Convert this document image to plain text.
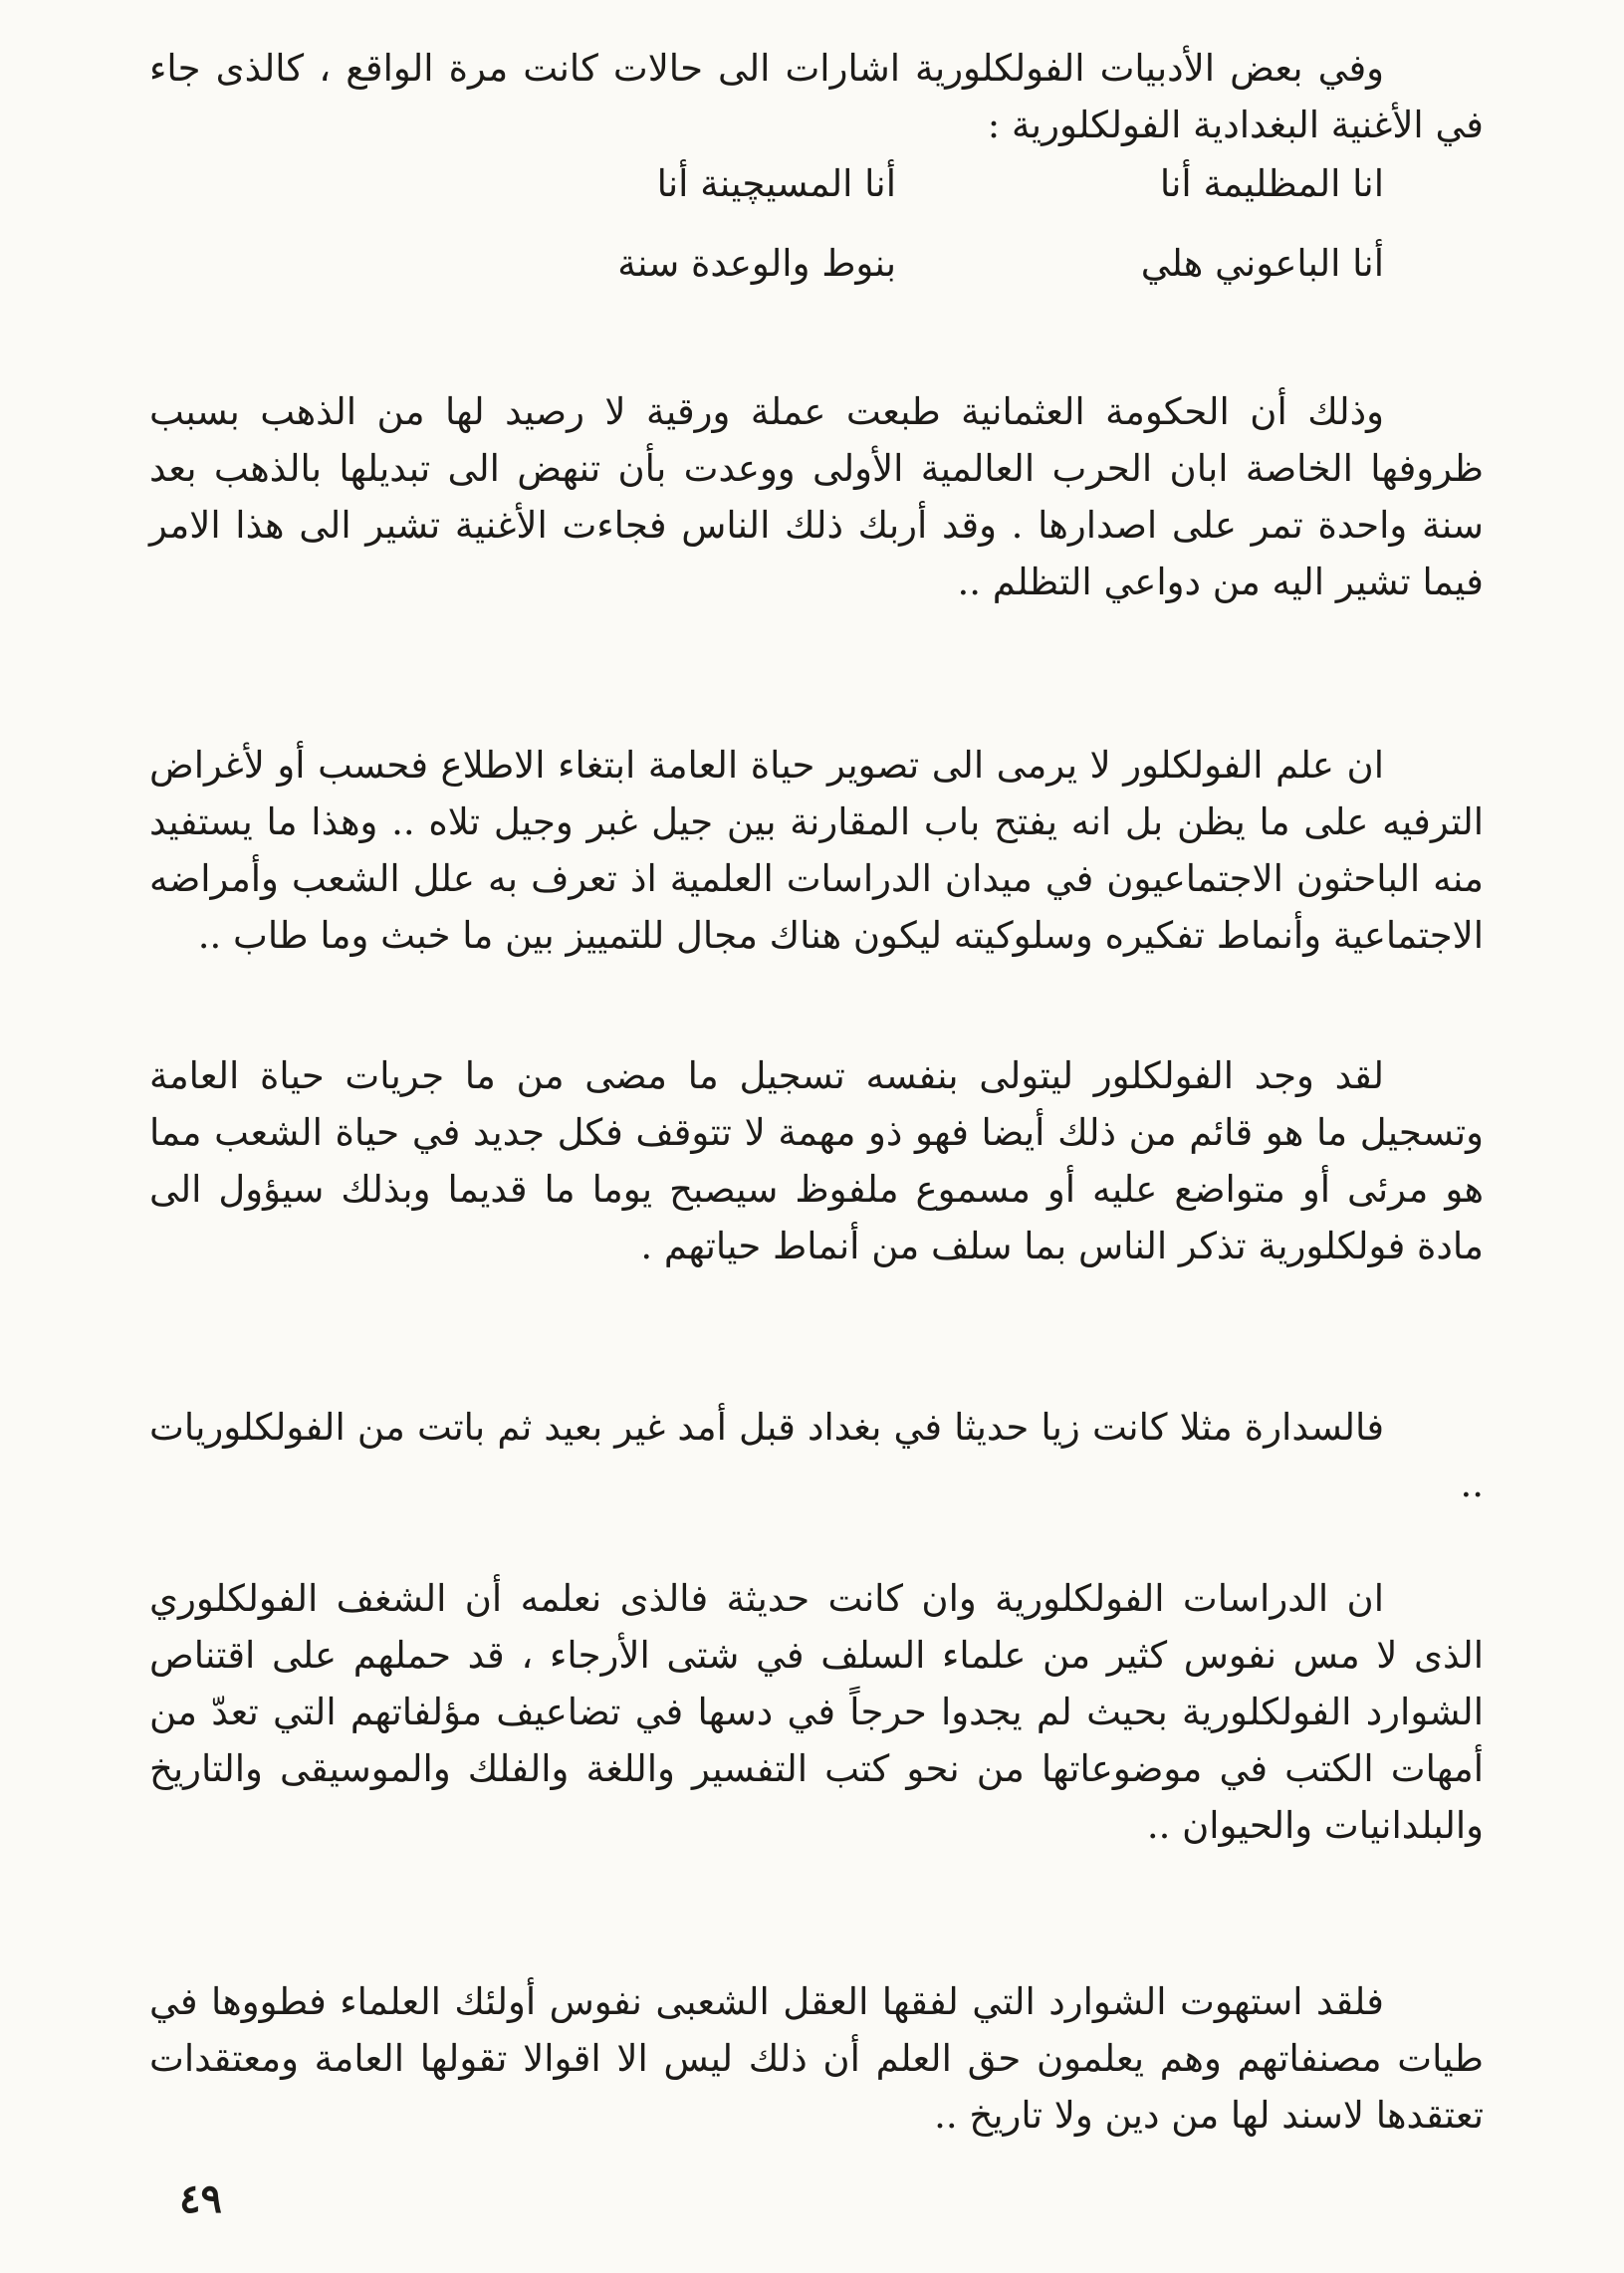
وفي بعض الأدبيات الفولكلورية اشارات الى حالات كانت مرة الواقع ، كالذى جاء في الأغنية البغدادية الفولكلورية :

انا المظليمة أنا
أنا المسيچينة أنا
أنا الباعوني هلي
بنوط والوعدة سنة

وذلك أن الحكومة العثمانية طبعت عملة ورقية لا رصيد لها من الذهب بسبب ظروفها الخاصة ابان الحرب العالمية الأولى ووعدت بأن تنهض الى تبديلها بالذهب بعد سنة واحدة تمر على اصدارها . وقد أربك ذلك الناس فجاءت الأغنية تشير الى هذا الامر فيما تشير اليه من دواعي التظلم ..

ان علم الفولكلور لا يرمى الى تصوير حياة العامة ابتغاء الاطلاع فحسب أو لأغراض الترفيه على ما يظن بل انه يفتح باب المقارنة بين جيل غبر وجيل تلاه .. وهذا ما يستفيد منه الباحثون الاجتماعيون في ميدان الدراسات العلمية اذ تعرف به علل الشعب وأمراضه الاجتماعية وأنماط تفكيره وسلوكيته ليكون هناك مجال للتمييز بين ما خبث وما طاب ..

لقد وجد الفولكلور ليتولى بنفسه تسجيل ما مضى من ما جريات حياة العامة وتسجيل ما هو قائم من ذلك أيضا فهو ذو مهمة لا تتوقف فكل جديد في حياة الشعب مما هو مرئى أو متواضع عليه أو مسموع ملفوظ سيصبح يوما ما قديما وبذلك سيؤول الى مادة فولكلورية تذكر الناس بما سلف من أنماط حياتهم .

فالسدارة مثلا كانت زيا حديثا في بغداد قبل أمد غير بعيد ثم باتت من الفولكلوريات ..

ان الدراسات الفولكلورية وان كانت حديثة فالذى نعلمه أن الشغف الفولكلوري الذى لا مس نفوس كثير من علماء السلف في شتى الأرجاء ، قد حملهم على اقتناص الشوارد الفولكلورية بحيث لم يجدوا حرجاً في دسها في تضاعيف مؤلفاتهم التي تعدّ من أمهات الكتب في موضوعاتها من نحو كتب التفسير واللغة والفلك والموسيقى والتاريخ والبلدانيات والحيوان ..

فلقد استهوت الشوارد التي لفقها العقل الشعبى نفوس أولئك العلماء فطووها في طيات مصنفاتهم وهم يعلمون حق العلم أن ذلك ليس الا اقوالا تقولها العامة ومعتقدات تعتقدها لاسند لها من دين ولا تاريخ ..

٤٩
